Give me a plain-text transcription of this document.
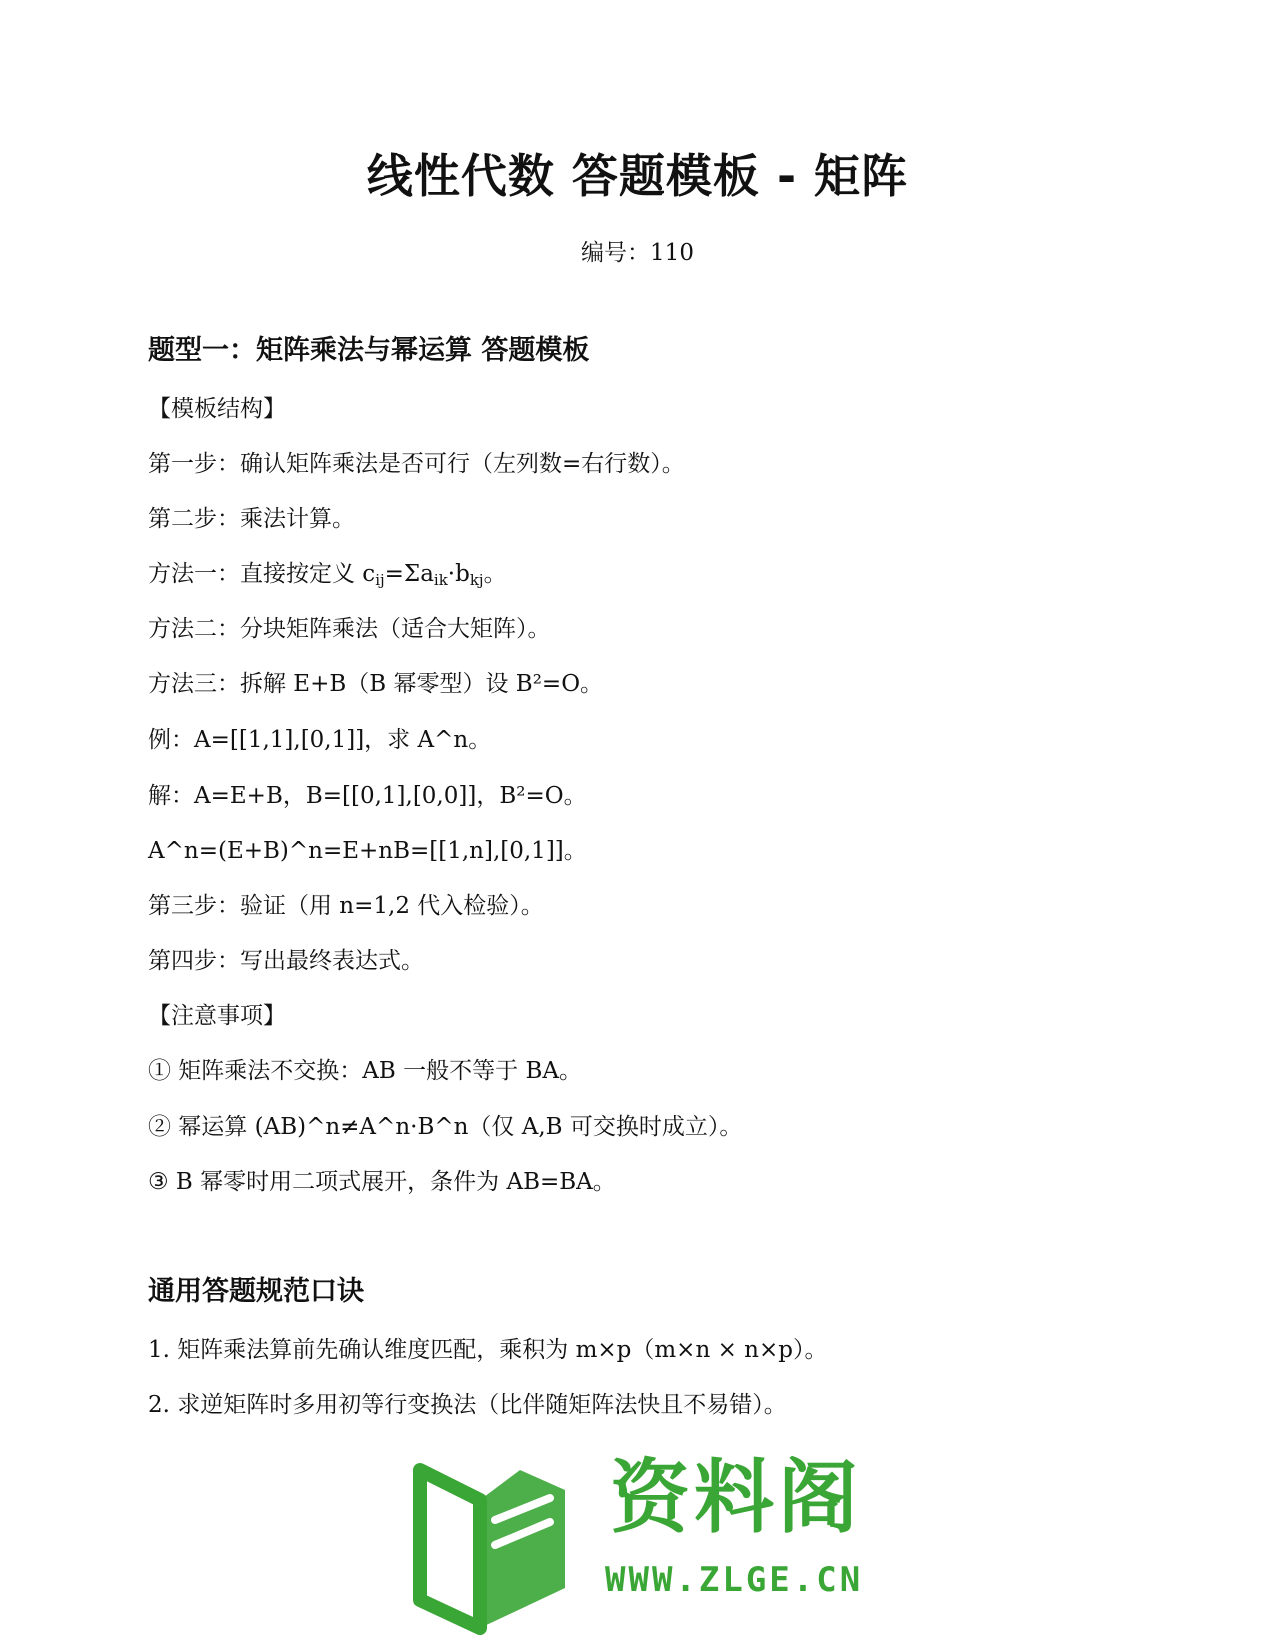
线性代数 答题模板 - 矩阵
编号：110
题型一：矩阵乘法与幂运算 答题模板
【模板结构】
第一步：确认矩阵乘法是否可行（左列数=右行数）。
第二步：乘法计算。
方法一：直接按定义 $c_{ij}=\Sigma a_{ik}\cdot b_{kj}$。
方法二：分块矩阵乘法（适合大矩阵）。
方法三：拆解 E+B（B 幂零型）设 B²=O。
例：A=[[1,1],[0,1]]，求 A^n。
解：A=E+B，B=[[0,1],[0,0]]，B²=O。
A^n=(E+B)^n=E+nB=[[1,n],[0,1]]。
第三步：验证（用 n=1,2 代入检验）。
第四步：写出最终表达式。
【注意事项】
① 矩阵乘法不交换：AB 一般不等于 BA。
② 幂运算 (AB)^n≠A^n·B^n（仅 A,B 可交换时成立）。
③ B 幂零时用二项式展开，条件为 AB=BA。
通用答题规范口诀
1. 矩阵乘法算前先确认维度匹配，乘积为 m×p（m×n × n×p）。
2. 求逆矩阵时多用初等行变换法（比伴随矩阵法快且不易错）。
资料阁
WWW.ZLGE.CN
